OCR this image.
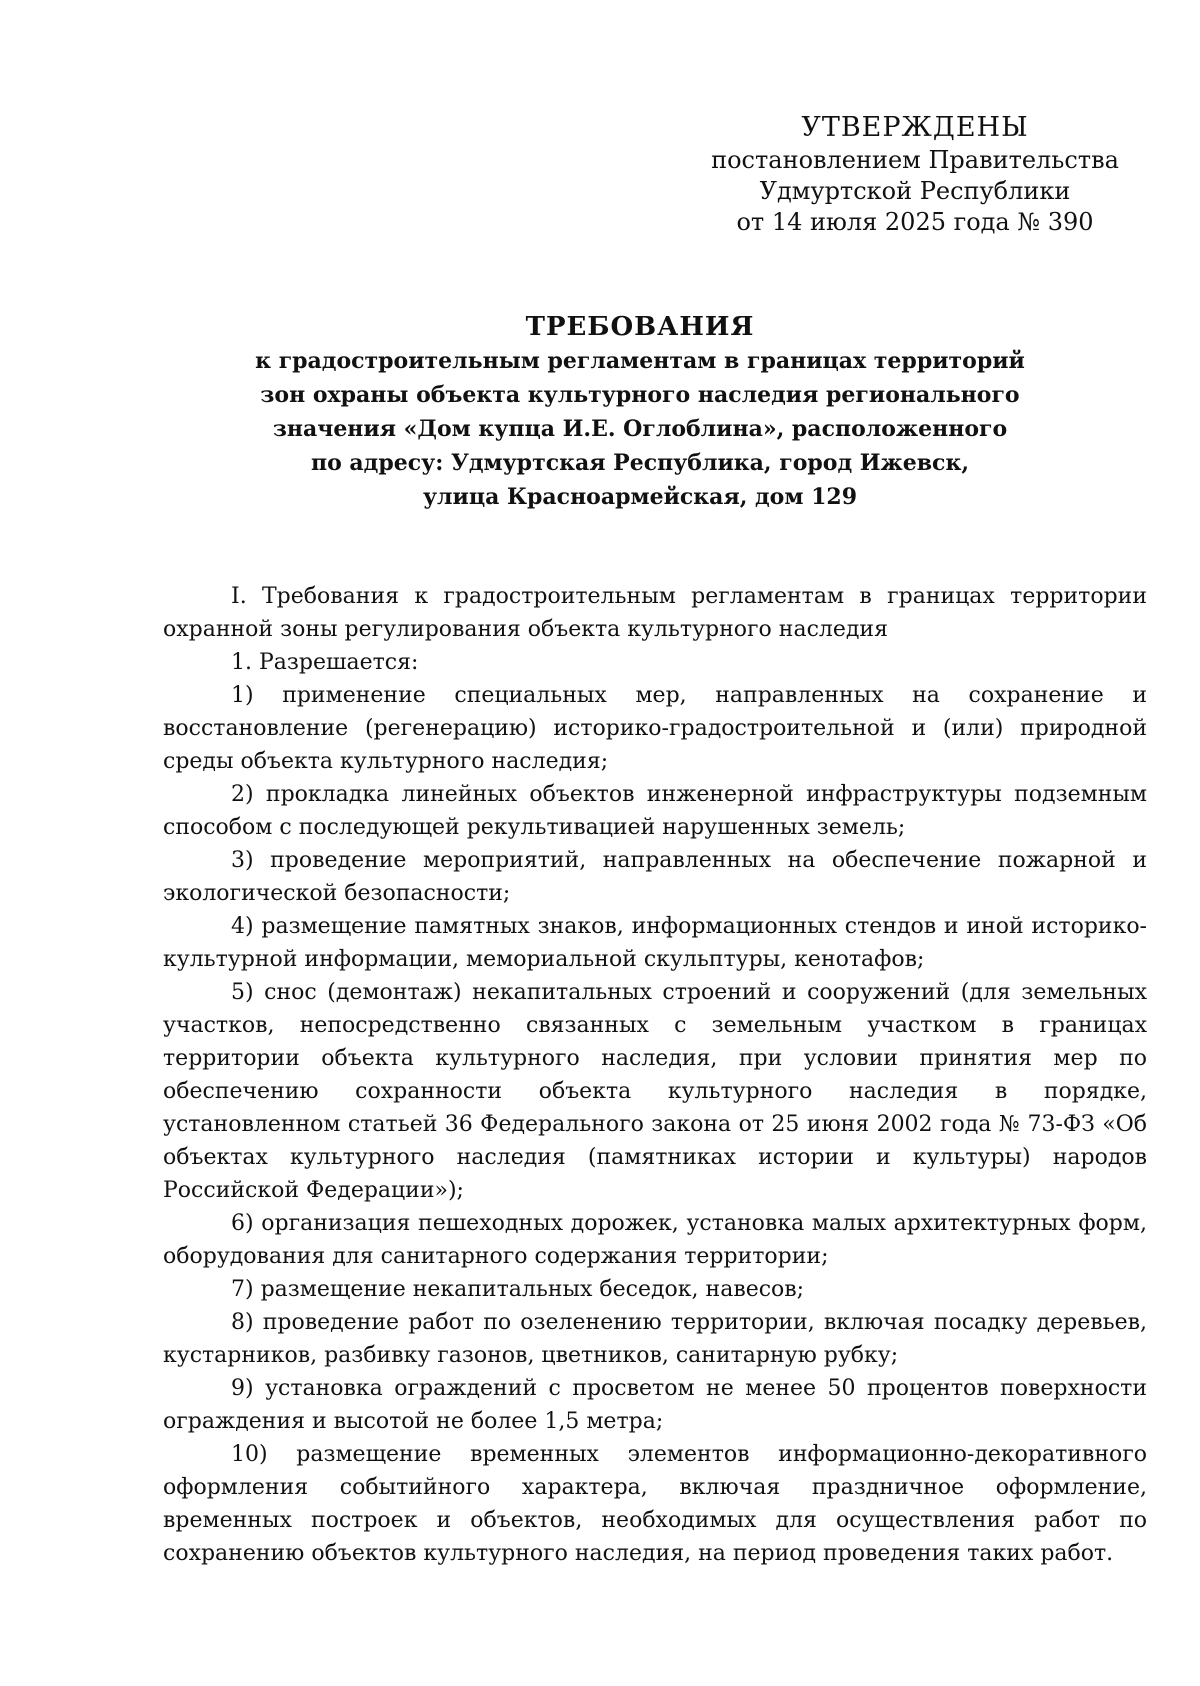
УТВЕРЖДЕНЫ
постановлением Правительства
Удмуртской Республики
от 14 июля 2025 года № 390
ТРЕБОВАНИЯ
к градостроительным регламентам в границах территорий
зон охраны объекта культурного наследия регионального
значения «Дом купца И.Е. Оглоблина», расположенного
по адресу: Удмуртская Республика, город Ижевск,
улица Красноармейская, дом 129

I. Требования к градостроительным регламентам в границах территории охранной зоны регулирования объекта культурного наследия

1. Разрешается:

1) применение специальных мер, направленных на сохранение и восстановление (регенерацию) историко-градостроительной и (или) природной среды объекта культурного наследия;

2) прокладка линейных объектов инженерной инфраструктуры подземным способом с последующей рекультивацией нарушенных земель;

3) проведение мероприятий, направленных на обеспечение пожарной и экологической безопасности;

4) размещение памятных знаков, информационных стендов и иной историко-культурной информации, мемориальной скульптуры, кенотафов;

5) снос (демонтаж) некапитальных строений и сооружений (для земельных участков, непосредственно связанных с земельным участком в границах территории объекта культурного наследия, при условии принятия мер по обеспечению сохранности объекта культурного наследия в порядке, установленном статьей 36 Федерального закона от 25 июня 2002 года № 73-ФЗ «Об объектах культурного наследия (памятниках истории и культуры) народов Российской Федерации»);

6) организация пешеходных дорожек, установка малых архитектурных форм, оборудования для санитарного содержания территории;

7) размещение некапитальных беседок, навесов;

8) проведение работ по озеленению территории, включая посадку деревьев, кустарников, разбивку газонов, цветников, санитарную рубку;

9) установка ограждений с просветом не менее 50 процентов поверхности ограждения и высотой не более 1,5 метра;

10) размещение временных элементов информационно-декоративного оформления событийного характера, включая праздничное оформление, временных построек и объектов, необходимых для осуществления работ по сохранению объектов культурного наследия, на период проведения таких работ.
